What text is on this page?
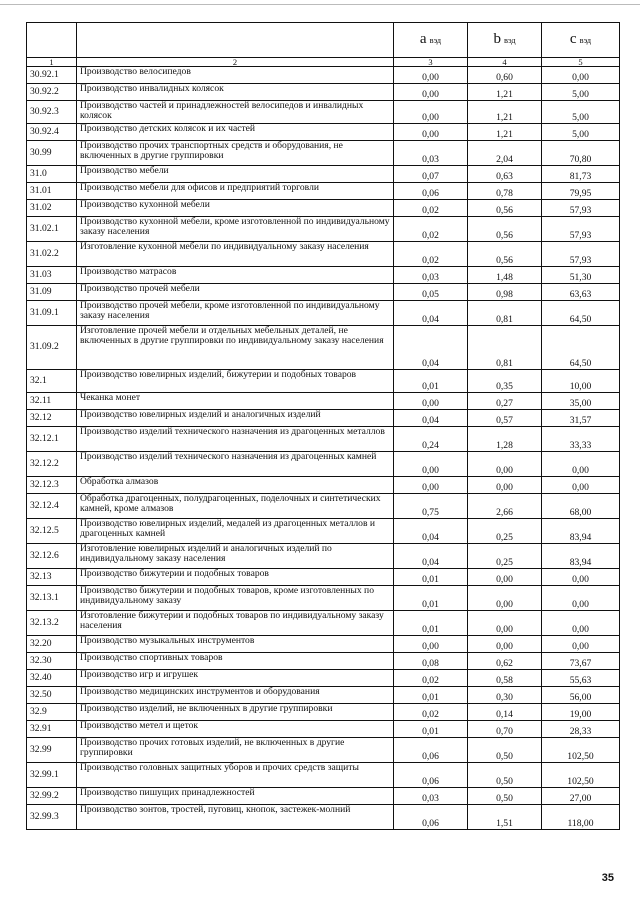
		a вэд	b вэд	c вэд
1	2	3	4	5
30.92.1	Производство велосипедов	0,00	0,60	0,00
30.92.2	Производство инвалидных колясок	0,00	1,21	5,00
30.92.3	Производство частей и принадлежностей велосипедов и инвалидных колясок	0,00	1,21	5,00
30.92.4	Производство детских колясок и их частей	0,00	1,21	5,00
30.99	Производство прочих транспортных средств и оборудования, не включенных в другие группировки	0,03	2,04	70,80
31.0	Производство мебели	0,07	0,63	81,73
31.01	Производство мебели для офисов и предприятий торговли	0,06	0,78	79,95
31.02	Производство кухонной мебели	0,02	0,56	57,93
31.02.1	Производство кухонной мебели, кроме изготовленной по индивидуальному заказу населения	0,02	0,56	57,93
31.02.2	Изготовление кухонной мебели по индивидуальному заказу населения	0,02	0,56	57,93
31.03	Производство матрасов	0,03	1,48	51,30
31.09	Производство прочей мебели	0,05	0,98	63,63
31.09.1	Производство прочей мебели, кроме изготовленной по индивидуальному заказу населения	0,04	0,81	64,50
31.09.2	Изготовление прочей мебели и отдельных мебельных деталей, не включенных в другие группировки по индивидуальному заказу населения	0,04	0,81	64,50
32.1	Производство ювелирных изделий, бижутерии и подобных товаров	0,01	0,35	10,00
32.11	Чеканка монет	0,00	0,27	35,00
32.12	Производство ювелирных изделий и аналогичных изделий	0,04	0,57	31,57
32.12.1	Производство изделий технического назначения из драгоценных металлов	0,24	1,28	33,33
32.12.2	Производство изделий технического назначения из драгоценных камней	0,00	0,00	0,00
32.12.3	Обработка алмазов	0,00	0,00	0,00
32.12.4	Обработка драгоценных, полудрагоценных, поделочных и синтетических камней, кроме алмазов	0,75	2,66	68,00
32.12.5	Производство ювелирных изделий, медалей из драгоценных металлов и драгоценных камней	0,04	0,25	83,94
32.12.6	Изготовление ювелирных изделий и аналогичных изделий по индивидуальному заказу населения	0,04	0,25	83,94
32.13	Производство бижутерии и подобных товаров	0,01	0,00	0,00
32.13.1	Производство бижутерии и подобных товаров, кроме изготовленных по индивидуальному заказу	0,01	0,00	0,00
32.13.2	Изготовление бижутерии и подобных товаров по индивидуальному заказу населения	0,01	0,00	0,00
32.20	Производство музыкальных инструментов	0,00	0,00	0,00
32.30	Производство спортивных товаров	0,08	0,62	73,67
32.40	Производство игр и игрушек	0,02	0,58	55,63
32.50	Производство медицинских инструментов и оборудования	0,01	0,30	56,00
32.9	Производство изделий, не включенных в другие группировки	0,02	0,14	19,00
32.91	Производство метел и щеток	0,01	0,70	28,33
32.99	Производство прочих готовых изделий, не включенных в другие группировки	0,06	0,50	102,50
32.99.1	Производство головных защитных уборов и прочих средств защиты	0,06	0,50	102,50
32.99.2	Производство пишущих принадлежностей	0,03	0,50	27,00
32.99.3	Производство зонтов, тростей, пуговиц, кнопок, застежек-молний	0,06	1,51	118,00
35
